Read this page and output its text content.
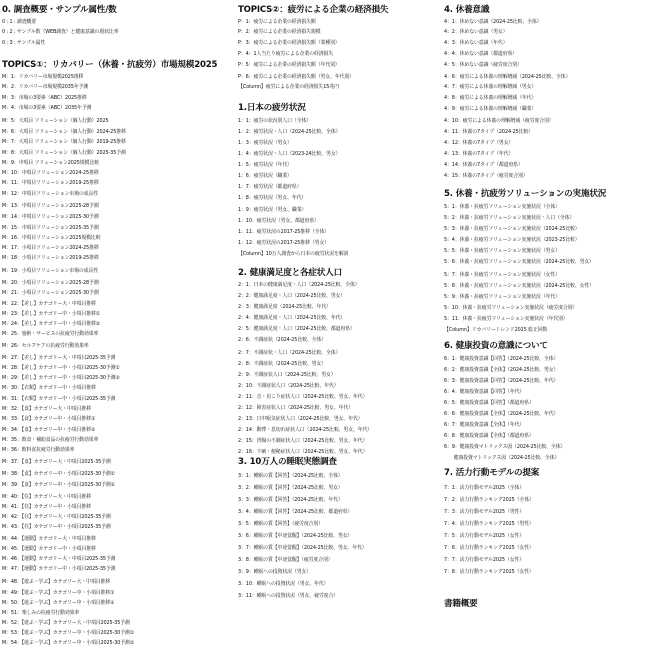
0. 調査概要・サンプル属性/数
0 : 1 : 調査概要
0 : 2 : サンプル数（WEB調査）と健康意識の現状比率
0 : 3 : サンプル属性
TOPICS①：リカバリー（休養・抗疲労）市場規模2025
M：1：リカバリー市場規模2025推移
M：2：リカバリー市場規模2035年予測
M：3：市場の3要素（ABC）2025推移
M：4：市場の3要素（ABC）2035年予測
M：5：大項目 ソリューション（個人行動）2025
M：6：大項目 ソリューション（個人行動）2024-25推移
M：7：大項目 ソリューション（個人行動）2019-25推移
M：8：大項目 ソリューション（個人行動）2025-35予測
M：9：中項目 ソリューション2025規模比較
M：10：中項目ソリューション2024-25推移
M：11：中項目ソリューション2019-25推移
M：12：中項目ソリューション市場の成長性
M：13：中項目ソリューション2025-28予測
M：14：中項目ソリューション2025-30予測
M：15：中項目ソリューション2025-35予測
M：16：中項目ソリューション2025規模比較
M：17：小項目ソリューション2024-25推移
M：18：小項目ソリューション2019-25推移
M：19：小項目ソリューション市場の成長性
M：20：小項目ソリューション2025-28予測
M：21：小項目ソリューション2025-30予測
M：22：【差し】カテゴリー大・中項目推移
M：23：【差し】カテゴリー中・小項目推移①
M：24：【差し】カテゴリー中・小項目推移②
M：25：施術・サービスの抗疲労行動効果率
M：26：セルフケアの抗疲労行動効果率
M：27：【差し】カテゴリー大・中項目2025-35予測
M：28：【差し】カテゴリー中・小項目2025-30予測①
M：29：【差し】カテゴリー中・小項目2025-30予測②
M：30：【衣類】カテゴリー中・小項目推移
M：31：【衣類】カテゴリー中・小項目2025-35予測
M：32：【食】カテゴリー大・中項目推移
M：33：【食】カテゴリー中・小項目推移①
M：34：【食】カテゴリー中・小項目推移②
M：35：飲食・補助食品の抗疲労行動効果率
M：36：飲料食抗疲労行動効果率
M：37：【食】カテゴリー大・中項目2025-35予測
M：38：【食】カテゴリー中・小項目2025-30予測①
M：39：【食】カテゴリー中・小項目2025-30予測②
M：40：【住】カテゴリー大・中項目推移
M：41：【住】カテゴリー中・小項目推移
M：42：【住】カテゴリー大・中項目2025-35予測
M：43：【住】カテゴリー中・小項目2025-35予測
M：44：【運動】カテゴリー大・中項目推移
M：45：【運動】カテゴリー中・小項目推移
M：46：【運動】カテゴリー大・中項目2025-35予測
M：47：【運動】カテゴリー中・小項目2025-35予測
M：48：【遊ぶ・学ぶ】カテゴリー大・中項目推移
M：49：【遊ぶ・学ぶ】カテゴリー中・小項目推移①
M：50：【遊ぶ・学ぶ】カテゴリー中・小項目推移②
M：51：楽しみの抗疲労行動効果率
M：52：【遊ぶ・学ぶ】カテゴリー大・中項目2025-35予測
M：53：【遊ぶ・学ぶ】カテゴリー中・小項目2025-30予測①
M：54：【遊ぶ・学ぶ】カテゴリー中・小項目2025-30予測②
TOPICS②：疲労による企業の経済損失
P：1：疲労による企業の経済損失額
P：2：疲労による企業の経済損失規模
P：3：疲労による企業の経済損失額（業種別）
P：4：1人当たり疲労による企業の経済損失
P：5：疲労による企業の経済損失額（年代別）
P：6：疲労による企業の経済損失額（男女、年代別）
【Column】疲労による企業の経済損失15兆円
1.日本の疲労状況
1：1：疲労の状況別人口（全体）
1：2：疲労状況・人口（2024-25比較、全体）
1：3：疲労状況（男女）
1：4：疲労状況・人口（2023-24比較、男女）
1：5：疲労状況（年代）
1：6：疲労状況（職業）
1：7：疲労状況（都道府県）
1：8：疲労状況（男女、年代）
1：9：疲労状況（男女、職業）
1：10：疲労状況（男女、都道府県）
1：11：疲労状況の2017-25推移（全体）
1：12：疲労状況の2017-25推移（男女）
【Column】10万人調査から日本の疲労状況を解説
2. 健康満足度と各症状人口
2：1：日本の健康満足度・人口（2024-25比較、全体）
2：2：健康満足度・人口（2024-25比較、男女）
2：3：健康満足度（2024-25比較、年代）
2：4：健康満足度・人口（2024-25比較、年代）
2：5：健康満足度・人口（2024-25比較、都道府県）
2：6：不調症状（2024-25比較、全体）
2：7：不調症状・人口（2024-25比較、全体）
2：8：不調症状（2024-25比較、男女）
2：9：不調症状人口（2024-25比較、男女）
2：10：不調症状人口（2024-25比較、年代）
2：11：音・肩こり症状人口（2024-25比較、男女、年代）
2：12：障害症状人口（2024-25比較、男女、年代）
2：13：日中眠気症状人口（2024-25比較、男女、年代）
2：14：動悸・息切れ症状人口（2024-25比較、男女、年代）
2：15：胃腸の不調症状人口（2024-25比較、男女、年代）
2：16：下痢・便秘症状人口（2024-25比較、男女、年代）
3. 10万人の睡眠実態調査
3：1：睡眠の質【回答】（2024-25比較、全体）
3：2：睡眠の質【回答】（2024-25比較、男女）
3：3：睡眠の質【回答】（2024-25比較、年代）
3：4：睡眠の質【回答】（2024-25比較、都道府県）
3：5：睡眠の質【回答】（疲労度合別）
3：6：睡眠の質【中途覚醒】（2024-25比較、男女）
3：7：睡眠の質【中途覚醒】（2024-25比較、男女、年代）
3：8：睡眠の質【中途覚醒】（疲労度合別）
3：9：睡眠への投資状況（男女）
3：10：睡眠への投資状況（男女、年代）
3：11：睡眠への投資状況（男女、疲労度合）
4. 休養意識
4：1：休めない意識（2024-25比較、全体）
4：2：休めない意識（男女）
4：3：休めない意識（年代）
4：4：休めない意識（都道府県）
4：5：休めない意識（疲労度合別）
4：6：疲労による休養の理解増減（2024-25比較、全体）
4：7：疲労による休養の理解増減（男女）
4：8：疲労による休養の理解増減（年代）
4：9：疲労による休養の理解増減（職業）
4：10：疲労による休養の理解増減（疲労度合別）
4：11：休養の7タイプ（2024-25比較）
4：12：休養の7タイプ（男女）
4：13：休養の7タイプ（年代）
4：14：休養の7タイプ（都道府県）
4：15：休養の7タイプ（疲労度合別）
5. 休養・抗疲労ソリューションの実施状況
5：1：休養・抗疲労ソリューション実施状況（全体）
5：2：休養・抗疲労ソリューション実施状況・人口（全体）
5：3：休養・抗疲労ソリューション実施状況（2024-25比較）
5：4：休養・抗疲労ソリューション実施状況（2023-25比較）
5：5：休養・抗疲労ソリューション実施状況（男女）
5：6：休養・抗疲労ソリューション実施状況（2024-25比較、男女）
5：7：休養・抗疲労ソリューション実施状況（女性）
5：8：休養・抗疲労ソリューション実施状況（2024-25比較、女性）
5：9：休養・抗疲労ソリューション実施状況（年代）
5：10：休養・抗疲労ソリューション実施状況（疲労度合別）
5：11：休養・抗疲労ソリューション実施状況（年代別）
【Column】リカバリートレンド2025 総正回数
6. 健康投資の意識について
6：1：健康投資意識【回答】（2024-25比較、全体）
6：2：健康投資意識【全体】（2024-25比較、男女）
6：3：健康投資意識【回答】（2024-25比較、年代）
6：4：健康投資意識【回答】（年代）
6：5：健康投資意識【回答】（都道府県）
6：6：健康投資意識【全体】（2024-25比較、年代）
6：7：健康投資意識【全体】（年代）
6：8：健康投資意識【全体】（都道府県）
6：9：健康投資マトリックス図（2024-25比較、全体）
　　健康投資マトリックス図（2024-25比較、全体）
7. 活力行動モデルの提案
7：1：活力行動モデル2025（全体）
7：2：活力行動ランキング2025（全体）
7：3：活力行動モデル2025（男性）
7：4：活力行動ランキング2025（男性）
7：5：活力行動モデル2025（女性）
7：6：活力行動ランキング2025（女性）
7：7：活力行動モデル2025（女性）
7：8：活力行動ランキング2025（女性）
書籍概要
